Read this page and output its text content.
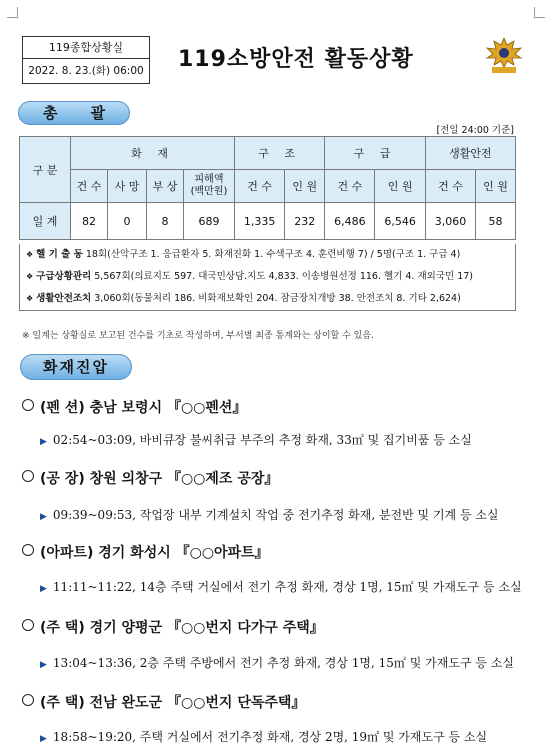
119종합상황실
2022. 8. 23.(화) 06:00 119소방안전 활동상황
총 괄
[전일 24:00 기준]
구 분	화 재				구 조		구 급		생활안전	
	건 수	사 망	부 상	피해액
(백만원)	건 수	인 원	건 수	인 원	건 수	인 원
일 계	82	0	8	689	1,335	232	6,486	6,546	3,060	58
❖ 헬 기 출 동 18회(산악구조 1. 응급환자 5. 화재진화 1. 수색구조 4. 훈련비행 7) / 5명(구조 1. 구급 4)
❖ 구급상황관리 5,567회(의료지도 597. 대국민상담.지도 4,833. 이송병원선정 116. 헬기 4. 재외국민 17)
❖ 생활안전조치 3,060회(동물처리 186. 비화재보확인 204. 잠금장치개방 38. 안전조치 8. 기타 2,624)
※ 일계는 상황실로 보고된 건수를 기초로 작성하며, 부서별 최종 통계와는 상이할 수 있음.
화재진압
(펜 션) 충남 보령시 『○○펜션』
▶ 02:54~03:09, 바비큐장 불씨취급 부주의 추정 화재, 33㎡ 및 집기비품 등 소실
(공 장) 창원 의창구 『○○제조 공장』
▶ 09:39~09:53, 작업장 내부 기계설치 작업 중 전기추정 화재, 분전반 및 기계 등 소실
(아파트) 경기 화성시 『○○아파트』
▶ 11:11~11:22, 14층 주택 거실에서 전기 추정 화재, 경상 1명, 15㎡ 및 가재도구 등 소실
(주 택) 경기 양평군 『○○번지 다가구 주택』
▶ 13:04~13:36, 2층 주택 주방에서 전기 추정 화재, 경상 1명, 15㎡ 및 가재도구 등 소실
(주 택) 전남 완도군 『○○번지 단독주택』
▶ 18:58~19:20, 주택 거실에서 전기추정 화재, 경상 2명, 19㎡ 및 가재도구 등 소실
